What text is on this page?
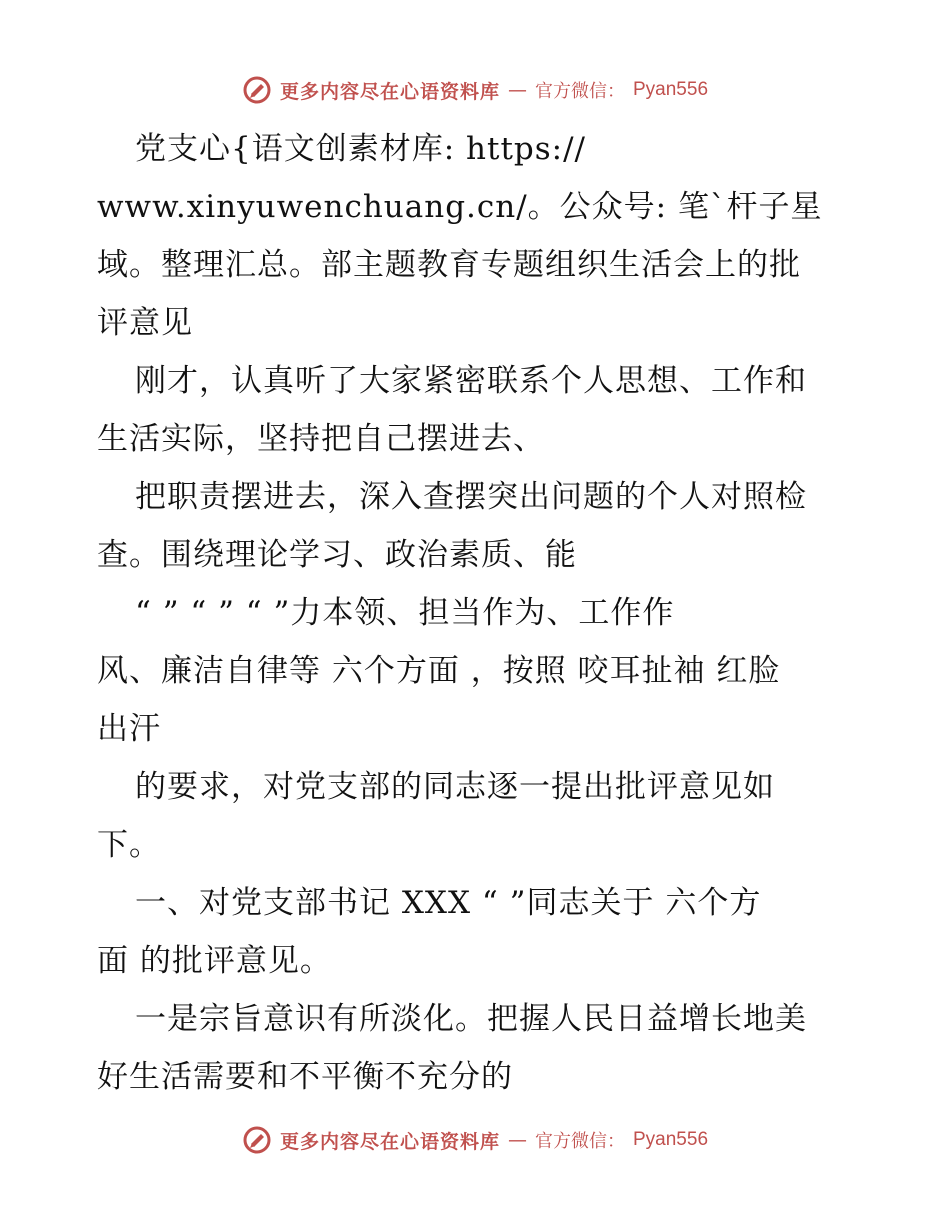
更多内容尽在心语资料库 — 官方微信： Pyan556
党支心{语文创素材库: https://
www.xinyuwenchuang.cn/。公众号: 笔`杆子星
域。整理汇总。部主题教育专题组织生活会上的批
评意见
刚才，认真听了大家紧密联系个人思想、工作和
生活实际，坚持把自己摆进去、
把职责摆进去，深入查摆突出问题的个人对照检
查。围绕理论学习、政治素质、能
“ ” “ ” “ ”力本领、担当作为、工作作
风、廉洁自律等 六个方面 ，按照 咬耳扯袖 红脸
出汗
的要求，对党支部的同志逐一提出批评意见如
下。
一、对党支部书记 XXX “ ”同志关于 六个方
面 的批评意见。
一是宗旨意识有所淡化。把握人民日益增长地美
好生活需要和不平衡不充分的
更多内容尽在心语资料库 — 官方微信： Pyan556
